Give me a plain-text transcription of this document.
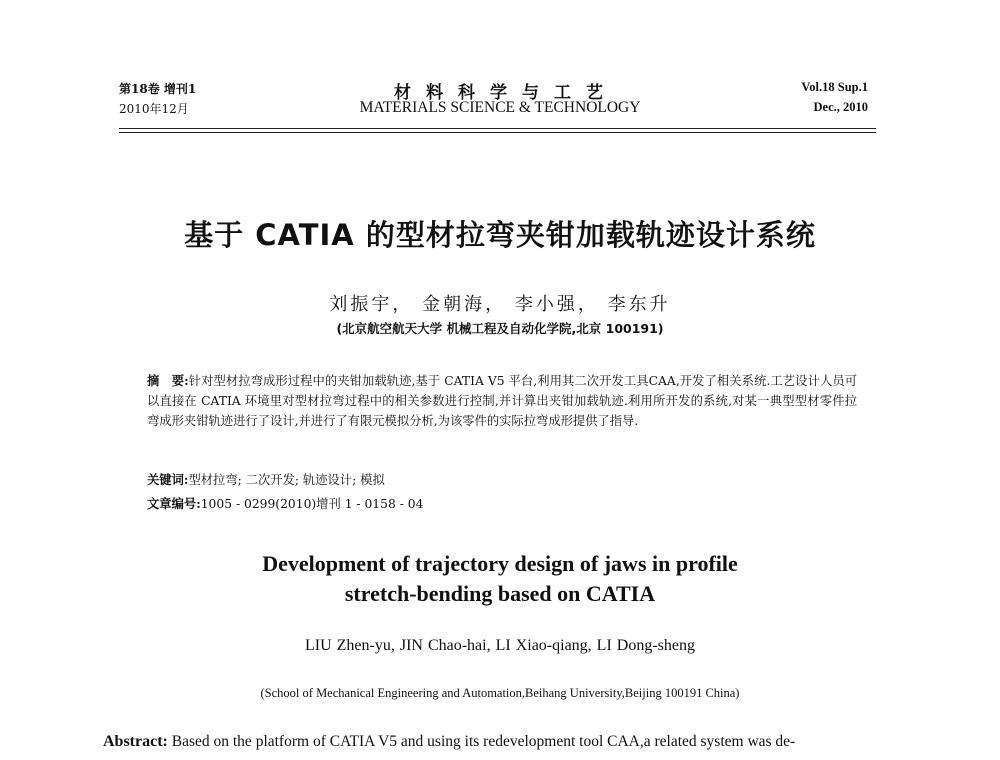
第18卷 增刊1
2010年12月
材料科学与工艺
MATERIALS SCIENCE & TECHNOLOGY
Vol.18 Sup.1
Dec., 2010
基于 CATIA 的型材拉弯夹钳加载轨迹设计系统
刘振宇， 金朝海， 李小强， 李东升
(北京航空航天大学 机械工程及自动化学院,北京 100191)
摘　要:针对型材拉弯成形过程中的夹钳加载轨迹,基于 CATIA V5 平台,利用其二次开发工具CAA,开发了相关系统.工艺设计人员可以直接在 CATIA 环境里对型材拉弯过程中的相关参数进行控制,并计算出夹钳加载轨迹.利用所开发的系统,对某一典型型材零件拉弯成形夹钳轨迹进行了设计,并进行了有限元模拟分析,为该零件的实际拉弯成形提供了指导.
关键词:型材拉弯; 二次开发; 轨迹设计; 模拟
文章编号:1005 - 0299(2010)增刊 1 - 0158 - 04
Development of trajectory design of jaws in profile
stretch-bending based on CATIA
LIU Zhen-yu, JIN Chao-hai, LI Xiao-qiang, LI Dong-sheng
(School of Mechanical Engineering and Automation,Beihang University,Beijing 100191 China)
Abstract: Based on the platform of CATIA V5 and using its redevelopment tool CAA,a related system was de-
